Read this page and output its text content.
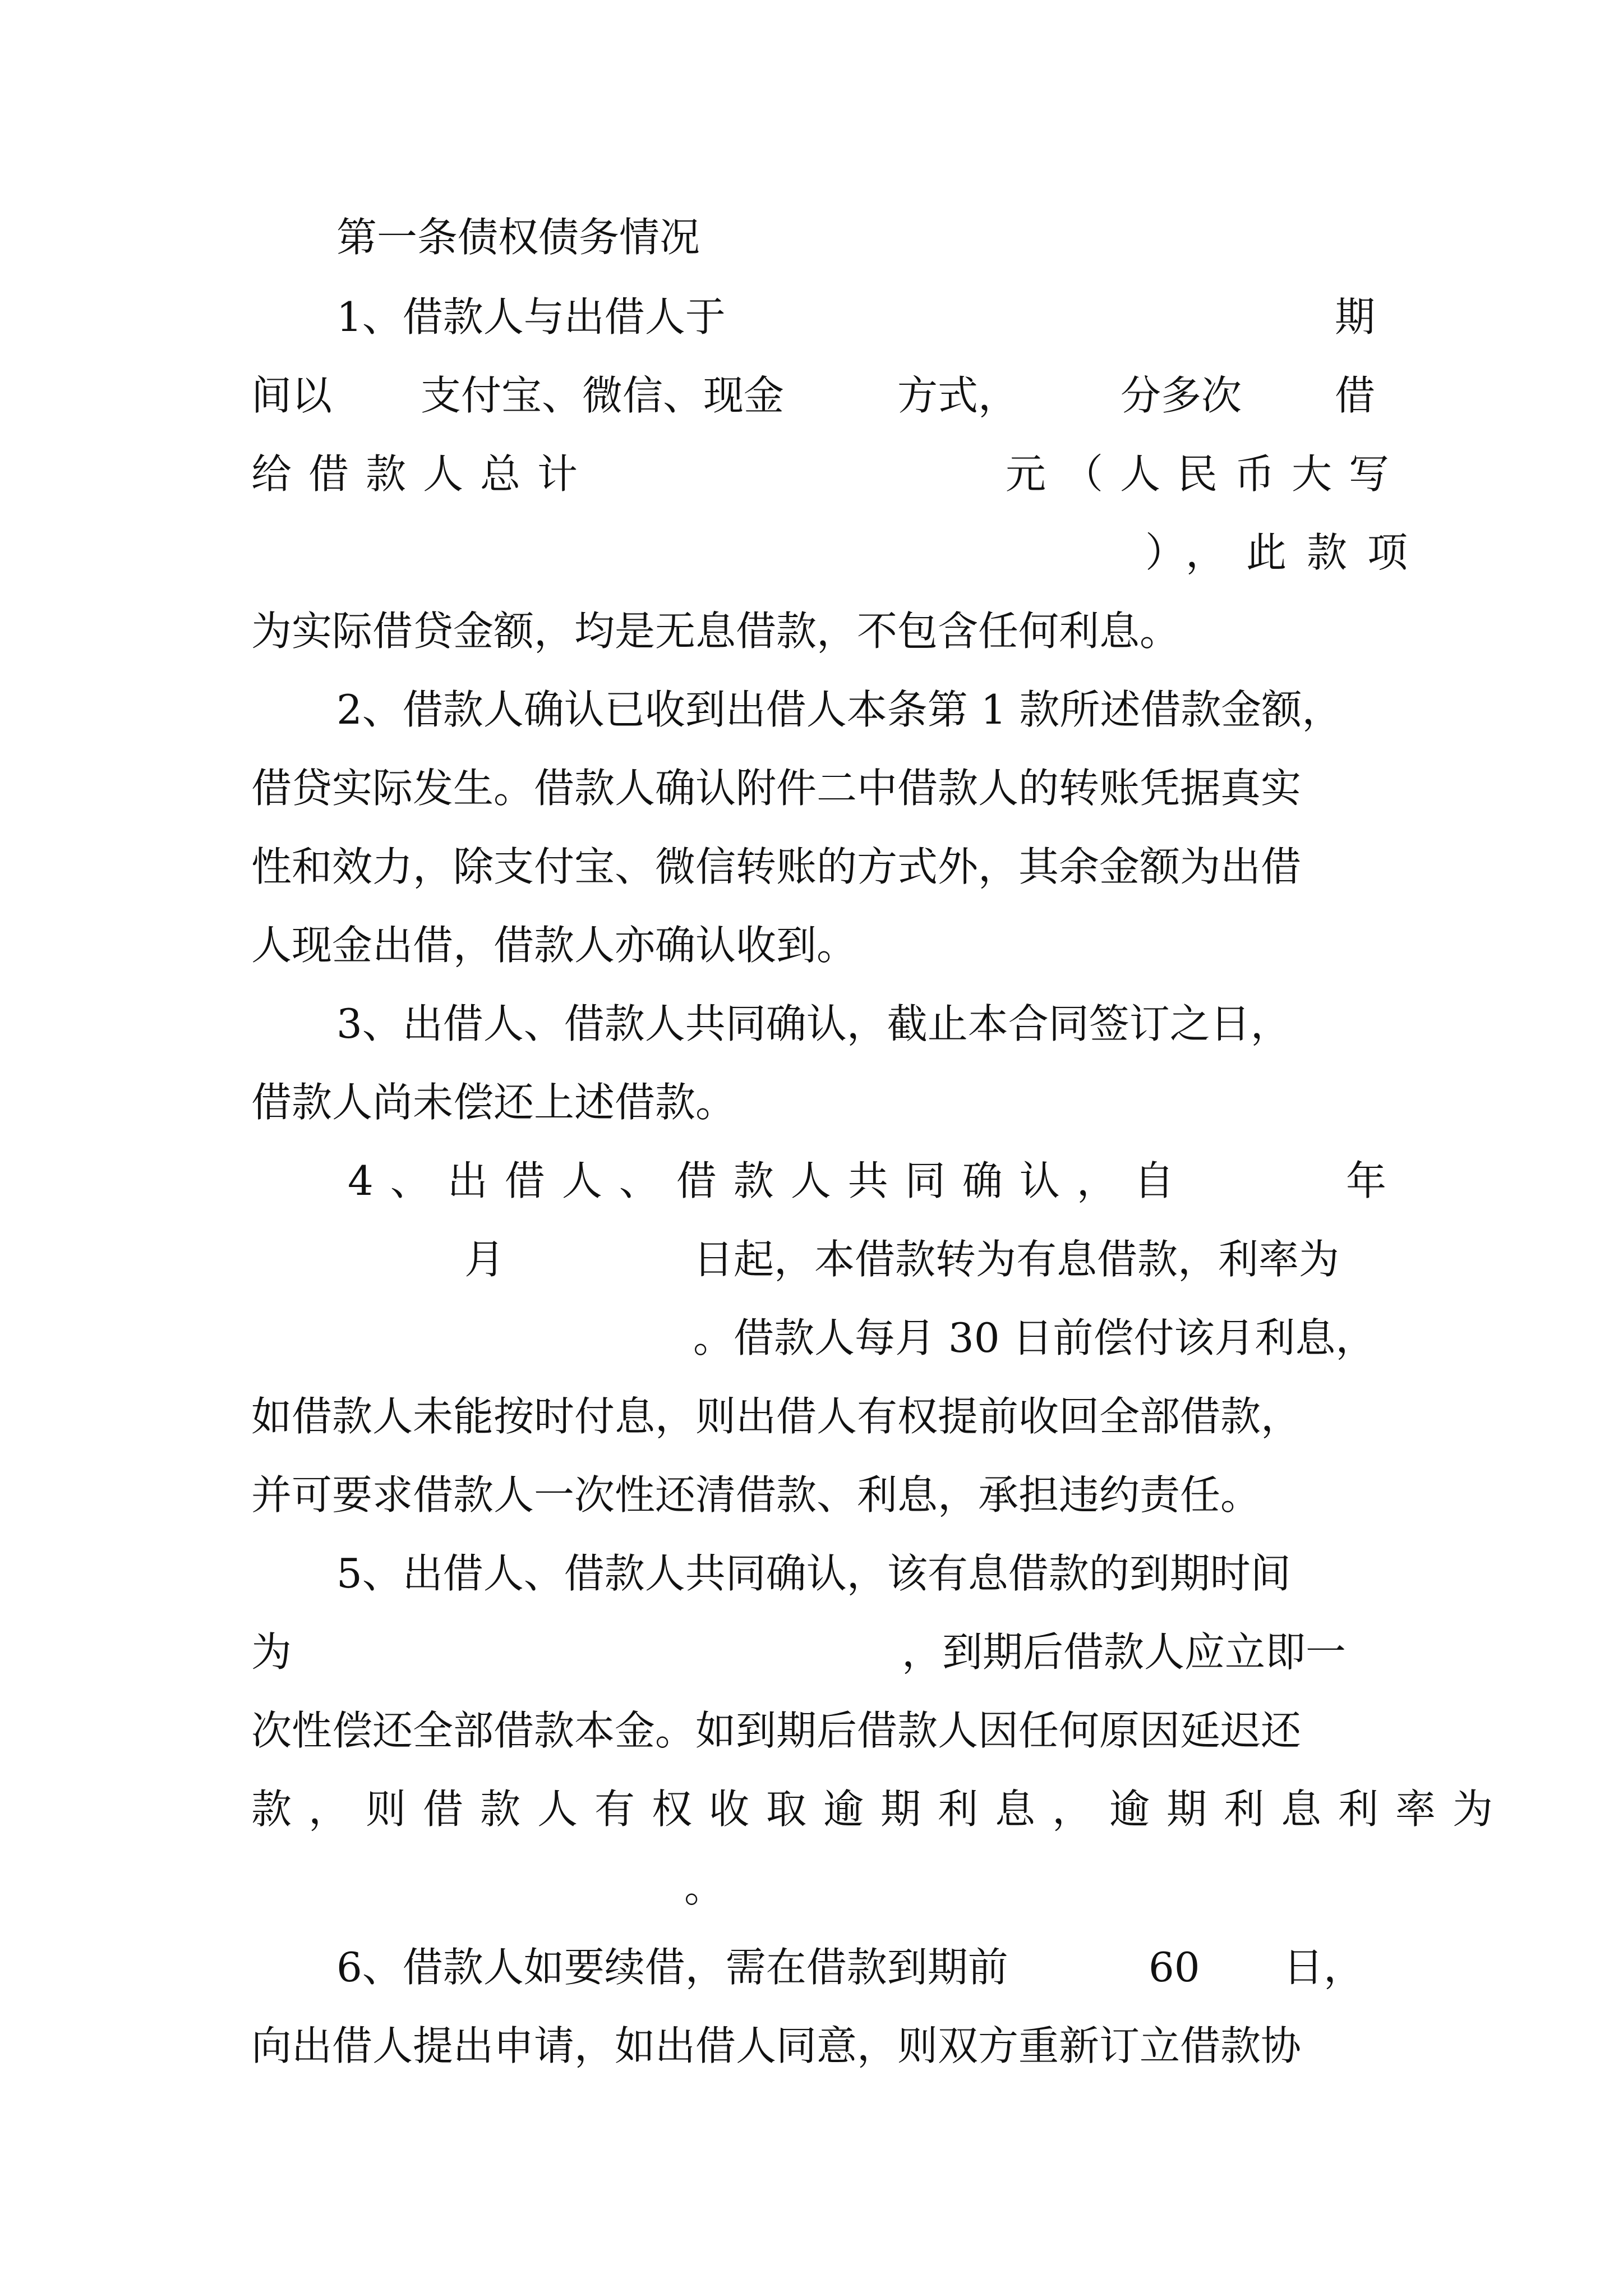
第一条债权债务情况
1、借款人与出借人于	期
间以 支付宝、微信、现金	方式，	分多次 借
给借款人总计	元（人民币大写
），此款项
为实际借贷金额，均是无息借款，不包含任何利息。
2、借款人确认已收到出借人本条第 1 款所述借款金额，
借贷实际发生。借款人确认附件二中借款人的转账凭据真实
性和效力，除支付宝、微信转账的方式外，其余金额为出借
人现金出借，借款人亦确认收到。
3、出借人、借款人共同确认，截止本合同签订之日，
借款人尚未偿还上述借款。
4、出借人、借款人共同确认，自	年
月	日起，本借款转为有息借款，利率为
。借款人每月 30 日前偿付该月利息，
如借款人未能按时付息，则出借人有权提前收回全部借款，
并可要求借款人一次性还清借款、利息，承担违约责任。
5、出借人、借款人共同确认，该有息借款的到期时间
为	，到期后借款人应立即一
次性偿还全部借款本金。如到期后借款人因任何原因延迟还
款，则借款人有权收取逾期利息，逾期利息利率为
。
6、借款人如要续借，需在借款到期前	60 日，
向出借人提出申请，如出借人同意，则双方重新订立借款协
